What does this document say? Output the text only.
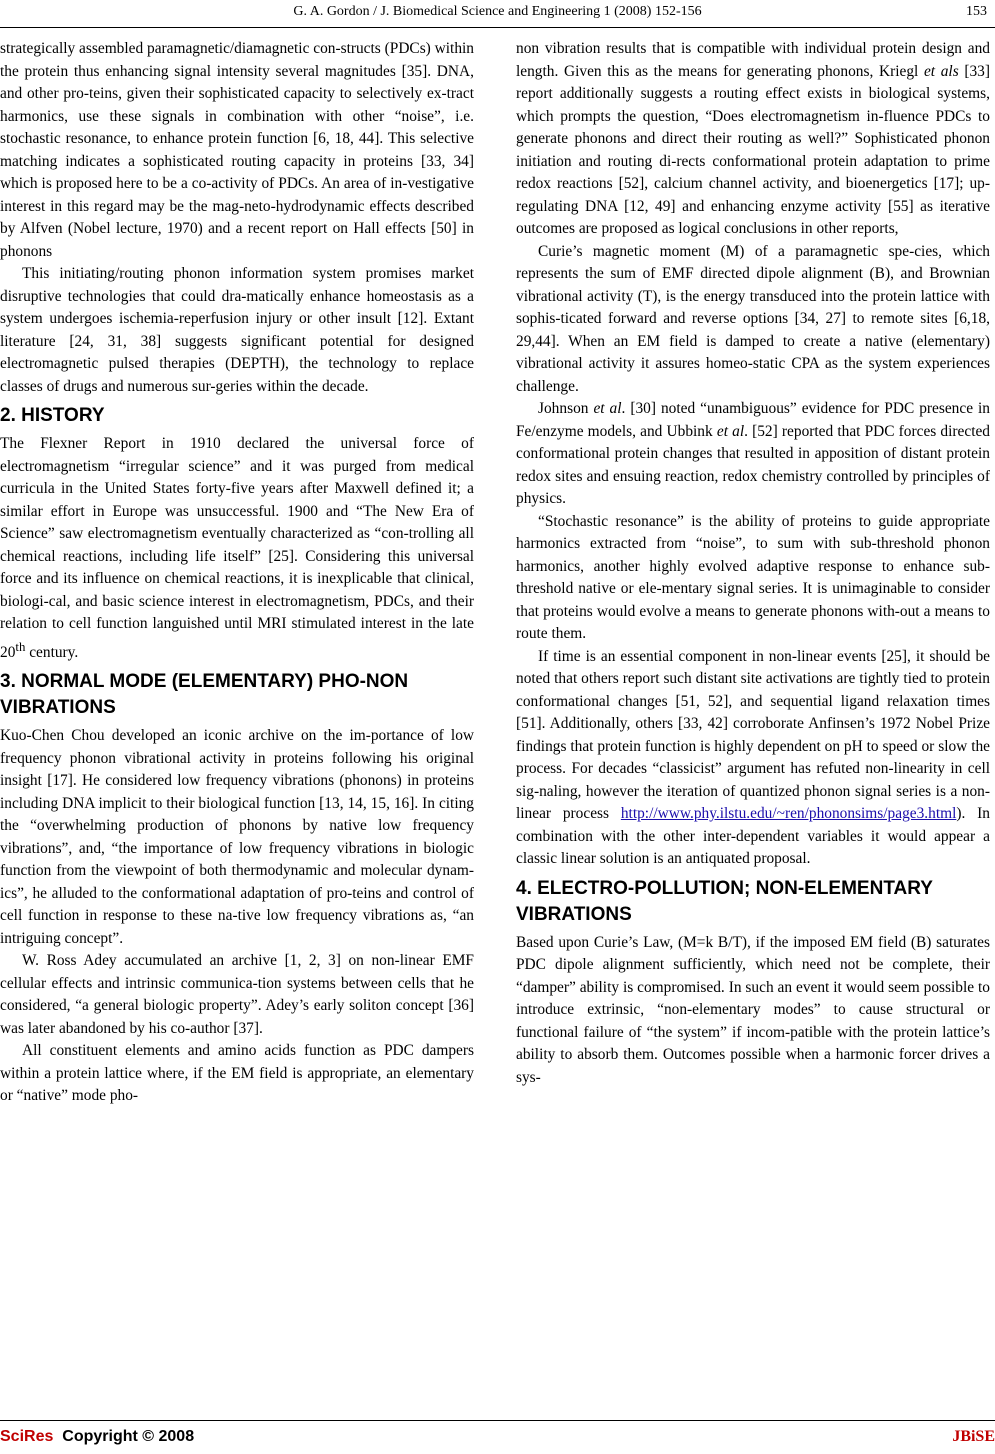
G. A. Gordon / J. Biomedical Science and Engineering 1 (2008) 152-156	153

strategically assembled paramagnetic/diamagnetic con-structs (PDCs) within the protein thus enhancing signal intensity several magnitudes [35]. DNA, and other pro-teins, given their sophisticated capacity to selectively ex-tract harmonics, use these signals in combination with other “noise”, i.e. stochastic resonance, to enhance protein function [6, 18, 44]. This selective matching indicates a sophisticated routing capacity in proteins [33, 34] which is proposed here to be a co-activity of PDCs. An area of in-vestigative interest in this regard may be the mag-neto-hydrodynamic effects described by Alfven (Nobel lecture, 1970) and a recent report on Hall effects [50] in phonons

This initiating/routing phonon information system promises market disruptive technologies that could dra-matically enhance homeostasis as a system undergoes ischemia-reperfusion injury or other insult [12]. Extant literature [24, 31, 38] suggests significant potential for designed electromagnetic pulsed therapies (DEPTH), the technology to replace classes of drugs and numerous sur-geries within the decade.

2. HISTORY

The Flexner Report in 1910 declared the universal force of electromagnetism “irregular science” and it was purged from medical curricula in the United States forty-five years after Maxwell defined it; a similar effort in Europe was unsuccessful. 1900 and “The New Era of Science” saw electromagnetism eventually characterized as “con-trolling all chemical reactions, including life itself” [25]. Considering this universal force and its influence on chemical reactions, it is inexplicable that clinical, biologi-cal, and basic science interest in electromagnetism, PDCs, and their relation to cell function languished until MRI stimulated interest in the late 20th century.

3. NORMAL MODE (ELEMENTARY) PHO-NON VIBRATIONS

Kuo-Chen Chou developed an iconic archive on the im-portance of low frequency phonon vibrational activity in proteins following his original insight [17]. He considered low frequency vibrations (phonons) in proteins including DNA implicit to their biological function [13, 14, 15, 16]. In citing the “overwhelming production of phonons by native low frequency vibrations”, and, “the importance of low frequency vibrations in biologic function from the viewpoint of both thermodynamic and molecular dynam-ics”, he alluded to the conformational adaptation of pro-teins and control of cell function in response to these na-tive low frequency vibrations as, “an intriguing concept”.

W. Ross Adey accumulated an archive [1, 2, 3] on non-linear EMF cellular effects and intrinsic communica-tion systems between cells that he considered, “a general biologic property”. Adey’s early soliton concept [36] was later abandoned by his co-author [37].

All constituent elements and amino acids function as PDC dampers within a protein lattice where, if the EM field is appropriate, an elementary or “native” mode pho-

non vibration results that is compatible with individual protein design and length. Given this as the means for generating phonons, Kriegl et als [33] report additionally suggests a routing effect exists in biological systems, which prompts the question, “Does electromagnetism in-fluence PDCs to generate phonons and direct their routing as well?” Sophisticated phonon initiation and routing di-rects conformational protein adaptation to prime redox reactions [52], calcium channel activity, and bioenergetics [17]; up-regulating DNA [12, 49] and enhancing enzyme activity [55] as iterative outcomes are proposed as logical conclusions in other reports,

Curie’s magnetic moment (M) of a paramagnetic spe-cies, which represents the sum of EMF directed dipole alignment (B), and Brownian vibrational activity (T), is the energy transduced into the protein lattice with sophis-ticated forward and reverse options [34, 27] to remote sites [6,18, 29,44]. When an EM field is damped to create a native (elementary) vibrational activity it assures homeo-static CPA as the system experiences challenge.

Johnson et al. [30] noted “unambiguous” evidence for PDC presence in Fe/enzyme models, and Ubbink et al. [52] reported that PDC forces directed conformational protein changes that resulted in apposition of distant protein redox sites and ensuing reaction, redox chemistry controlled by principles of physics.

“Stochastic resonance” is the ability of proteins to guide appropriate harmonics extracted from “noise”, to sum with sub-threshold phonon harmonics, another highly evolved adaptive response to enhance sub-threshold native or ele-mentary signal series. It is unimaginable to consider that proteins would evolve a means to generate phonons with-out a means to route them.

If time is an essential component in non-linear events [25], it should be noted that others report such distant site activations are tightly tied to protein conformational changes [51, 52], and sequential ligand relaxation times [51]. Additionally, others [33, 42] corroborate Anfinsen’s 1972 Nobel Prize findings that protein function is highly dependent on pH to speed or slow the process. For decades “classicist” argument has refuted non-linearity in cell sig-naling, however the iteration of quantized phonon signal series is a non-linear process http://www.phy.ilstu.edu/~ren/phononsims/page3.html). In combination with the other inter-dependent variables it would appear a classic linear solution is an antiquated proposal.

4. ELECTRO-POLLUTION; NON-ELEMENTARY VIBRATIONS

Based upon Curie’s Law, (M=k B/T), if the imposed EM field (B) saturates PDC dipole alignment sufficiently, which need not be complete, their “damper” ability is compromised. In such an event it would seem possible to introduce extrinsic, “non-elementary modes” to cause structural or functional failure of “the system” if incom-patible with the protein lattice’s ability to absorb them. Outcomes possible when a harmonic forcer drives a sys-

SciRes Copyright © 2008	JBiSE
